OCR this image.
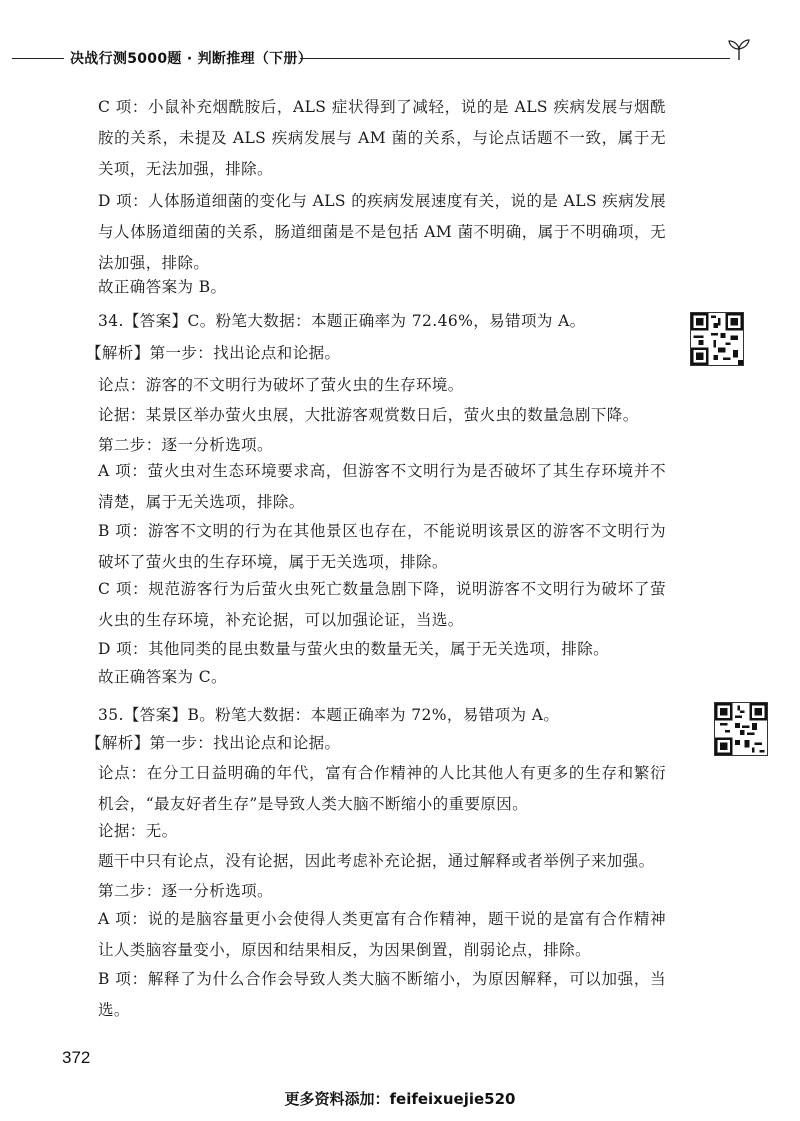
决战行测5000题 · 判断推理（下册）

C 项：小鼠补充烟酰胺后，ALS 症状得到了减轻，说的是 ALS 疾病发展与烟酰胺的关系，未提及 ALS 疾病发展与 AM 菌的关系，与论点话题不一致，属于无关项，无法加强，排除。

D 项：人体肠道细菌的变化与 ALS 的疾病发展速度有关，说的是 ALS 疾病发展与人体肠道细菌的关系，肠道细菌是不是包括 AM 菌不明确，属于不明确项，无法加强，排除。

故正确答案为 B。

34.【答案】C。粉笔大数据：本题正确率为 72.46%，易错项为 A。

【解析】第一步：找出论点和论据。

论点：游客的不文明行为破坏了萤火虫的生存环境。

论据：某景区举办萤火虫展，大批游客观赏数日后，萤火虫的数量急剧下降。

第二步：逐一分析选项。

A 项：萤火虫对生态环境要求高，但游客不文明行为是否破坏了其生存环境并不清楚，属于无关选项，排除。

B 项：游客不文明的行为在其他景区也存在，不能说明该景区的游客不文明行为破坏了萤火虫的生存环境，属于无关选项，排除。

C 项：规范游客行为后萤火虫死亡数量急剧下降，说明游客不文明行为破坏了萤火虫的生存环境，补充论据，可以加强论证，当选。

D 项：其他同类的昆虫数量与萤火虫的数量无关，属于无关选项，排除。

故正确答案为 C。

35.【答案】B。粉笔大数据：本题正确率为 72%，易错项为 A。

【解析】第一步：找出论点和论据。

论点：在分工日益明确的年代，富有合作精神的人比其他人有更多的生存和繁衍机会，“最友好者生存”是导致人类大脑不断缩小的重要原因。

论据：无。

题干中只有论点，没有论据，因此考虑补充论据，通过解释或者举例子来加强。

第二步：逐一分析选项。

A 项：说的是脑容量更小会使得人类更富有合作精神，题干说的是富有合作精神让人类脑容量变小，原因和结果相反，为因果倒置，削弱论点，排除。

B 项：解释了为什么合作会导致人类大脑不断缩小，为原因解释，可以加强，当选。

372
更多资料添加：feifeixuejie520
